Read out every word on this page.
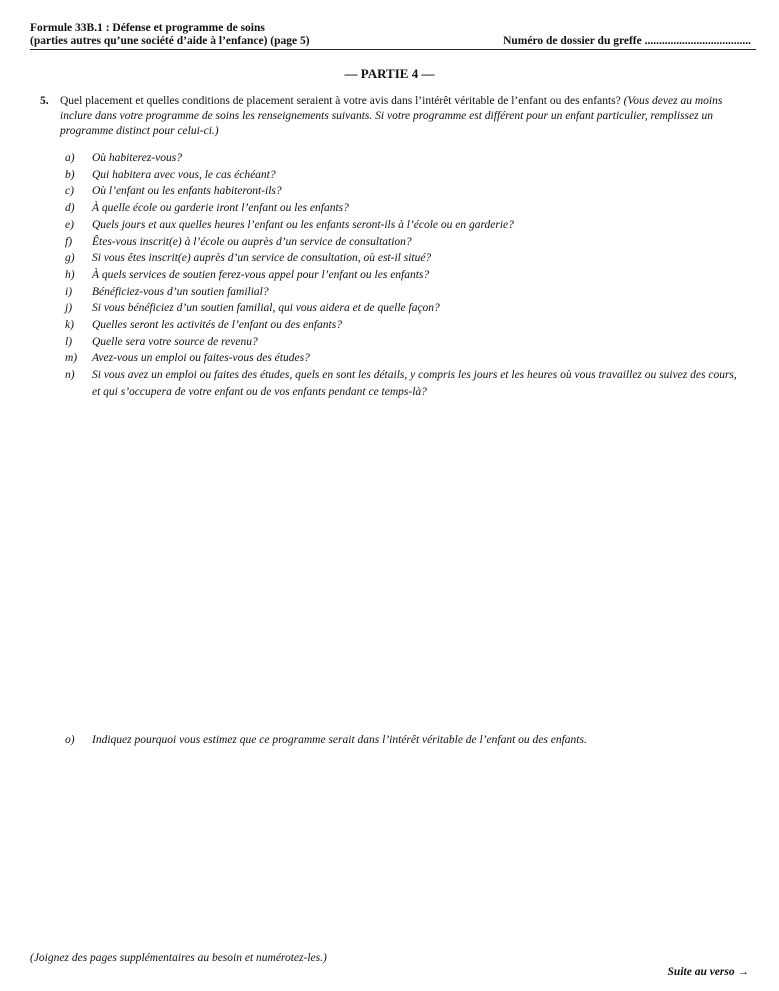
Formule 33B.1 : Défense et programme de soins
(parties autres qu’une société d’aide à l’enfance) (page 5)	Numéro de dossier du greffe .....................................
— PARTIE 4 —
5. Quel placement et quelles conditions de placement seraient à votre avis dans l’intérêt véritable de l’enfant ou des enfants? (Vous devez au moins inclure dans votre programme de soins les renseignements suivants. Si votre programme est différent pour un enfant particulier, remplissez un programme distinct pour celui-ci.)
a)	Où habiterez-vous?
b)	Qui habitera avec vous, le cas échéant?
c)	Où l’enfant ou les enfants habiteront-ils?
d)	À quelle école ou garderie iront l’enfant ou les enfants?
e)	Quels jours et aux quelles heures l’enfant ou les enfants seront-ils à l’école ou en garderie?
f)	Êtes-vous inscrit(e) à l’école ou auprès d’un service de consultation?
g)	Si vous êtes inscrit(e) auprès d’un service de consultation, où est-il situé?
h)	À quels services de soutien ferez-vous appel pour l’enfant ou les enfants?
i)	Bénéficiez-vous d’un soutien familial?
j)	Si vous bénéficiez d’un soutien familial, qui vous aidera et de quelle façon?
k)	Quelles seront les activités de l’enfant ou des enfants?
l)	Quelle sera votre source de revenu?
m)	Avez-vous un emploi ou faites-vous des études?
n)	Si vous avez un emploi ou faites des études, quels en sont les détails, y compris les jours et les heures où vous travaillez ou suivez des cours, et qui s’occupera de votre enfant ou de vos enfants pendant ce temps-là?
o)	Indiquez pourquoi vous estimez que ce programme serait dans l’intérêt véritable de l’enfant ou des enfants.
(Joignez des pages supplémentaires au besoin et numérotez-les.)
Suite au verso →
